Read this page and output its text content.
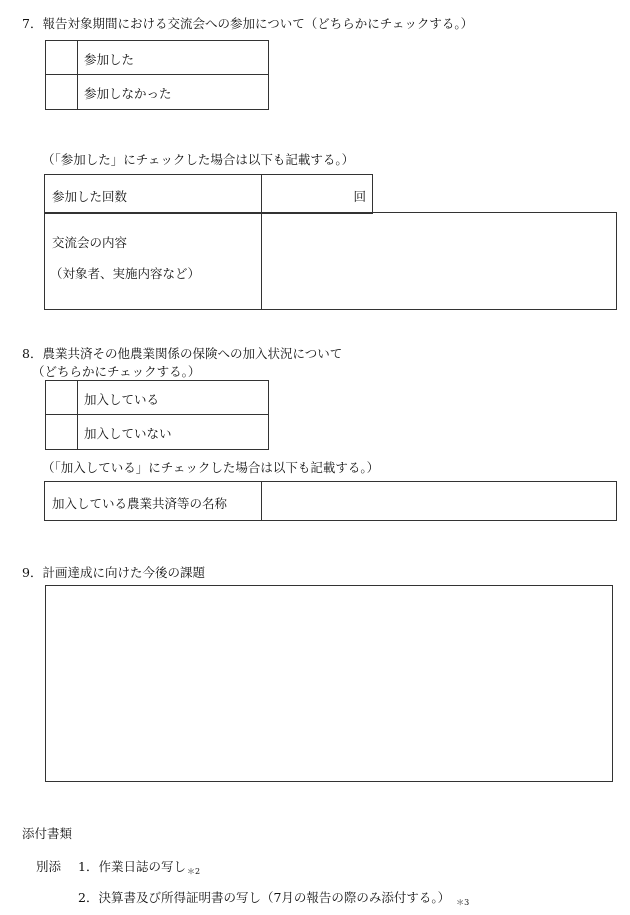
7．報告対象期間における交流会への参加について（どちらかにチェックする。）
参加した
参加しなかった
（「参加した」にチェックした場合は以下も記載する。）
参加した回数	回
交流会の内容
（対象者、実施内容など）
8．農業共済その他農業関係の保険への加入状況について
（どちらかにチェックする。）
加入している
加入していない
（「加入している」にチェックした場合は以下も記載する。）
加入している農業共済等の名称
9．計画達成に向けた今後の課題
添付書類
別添 1．作業日誌の写し$_{*2}$
2．決算書及び所得証明書の写し（7月の報告の際のみ添付する。） $_{*3}$
